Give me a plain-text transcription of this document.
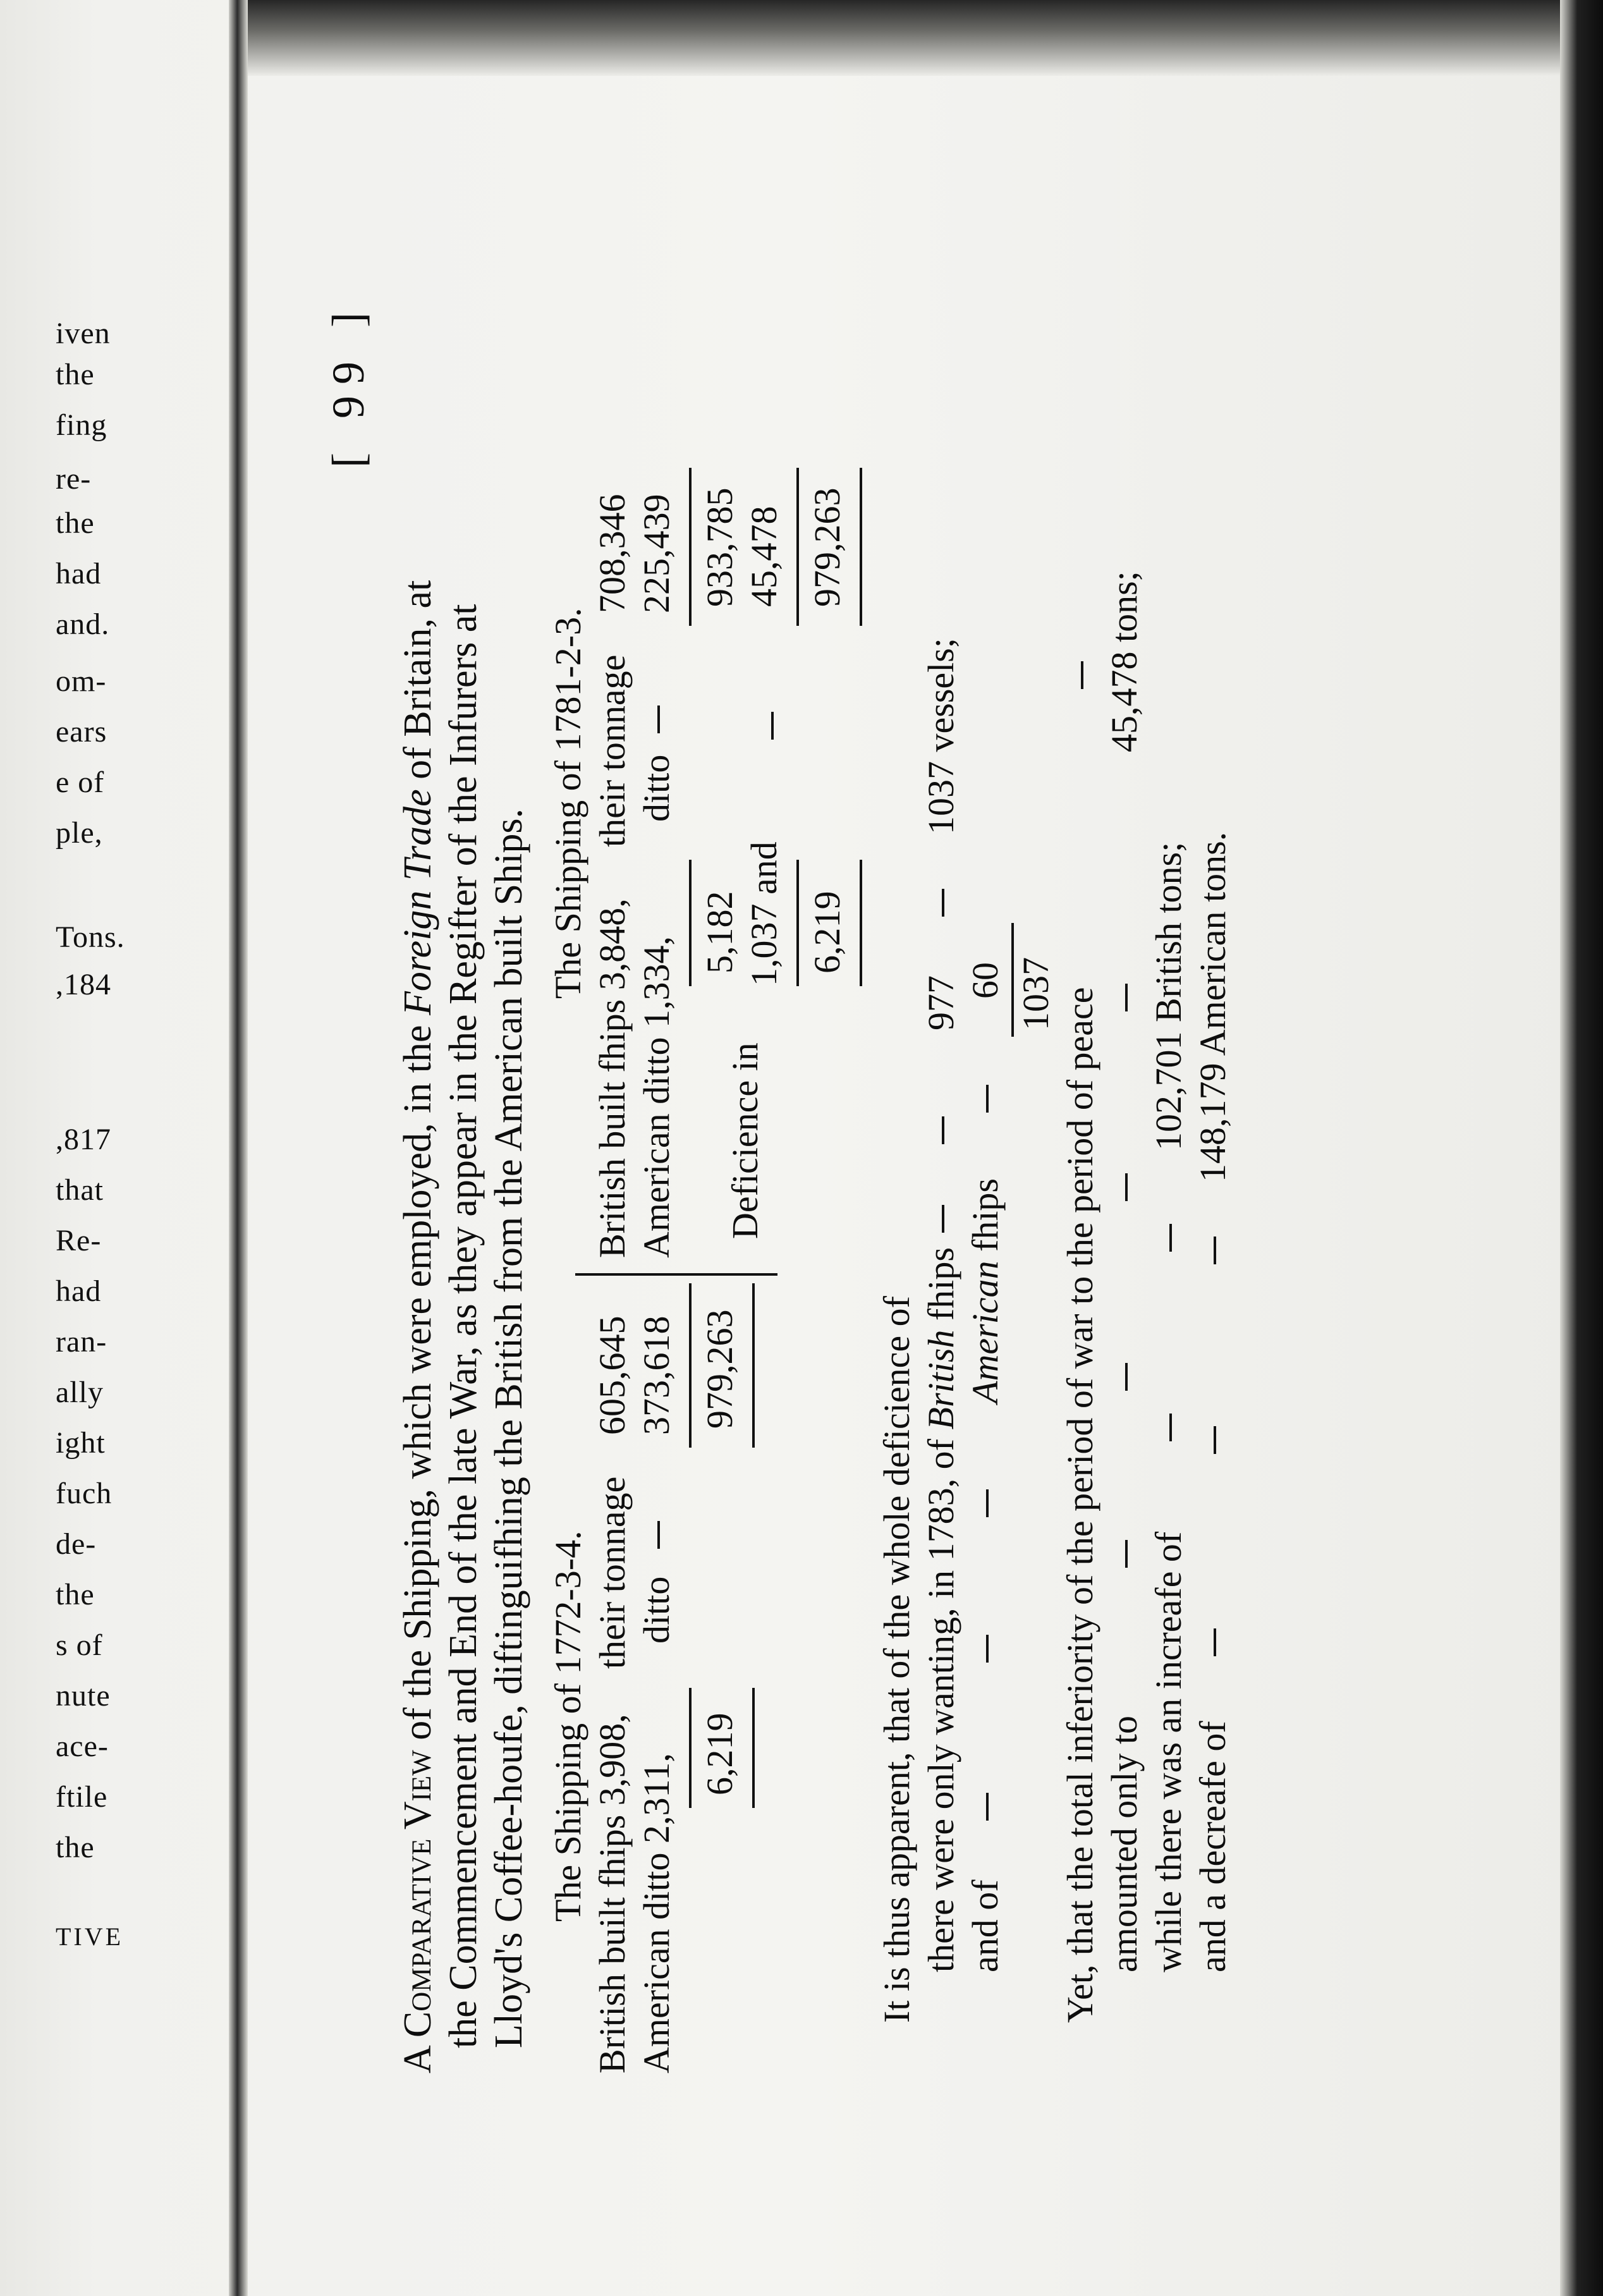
iven
the
fing
re-
the
had
and.
om-
ears
e of
ple,
Tons.
,184
,817
that
Re-
had
ran-
ally
ight
fuch
de-
the
s of
nute
ace-
ftile
the
TIVE
[ 99 ]
A Comparative View of the Shipping, which were employed, in the Foreign Trade of Britain, at the Commencement and End of the late War, as they appear in the Regifter of the Infurers at Lloyd's Coffee-houfe, diftinguifhing the British from the American built Ships. The Shipping of 1772-3-4. British built fhips 3,908,
their tonnage
605,645
American ditto 2,311,
ditto
373,618
6,219
979,263
The Shipping of 1781-2-3.
British built fhips 3,848,
their tonnage
708,346
American ditto 1,334,
ditto
225,439
5,182
933,785
Deficience in
1,037 and
45,478
6,219
979,263
It is thus apparent, that of the whole deficience of there were only wanting, in 1783, of British fhips
977
1037 vessels;
and of
American fhips
60 1037 Yet, that the total inferiority of the period of war to the period of peace amounted only to
45,478 tons;
while there was an increafe of
102,701 British tons;
and a decreafe of
148,179 American tons.
